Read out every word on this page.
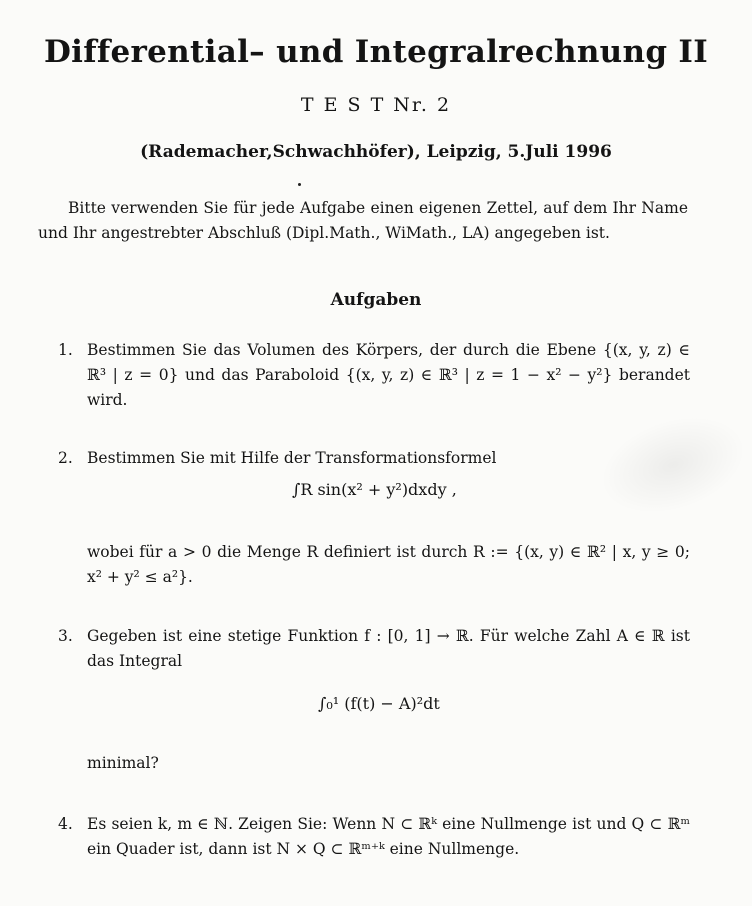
Differential– und Integralrechnung II

T E S T Nr. 2

(Rademacher,Schwachhöfer), Leipzig, 5.Juli 1996

Bitte verwenden Sie für jede Aufgabe einen eigenen Zettel, auf dem Ihr Name und Ihr angestrebter Abschluß (Dipl.Math., WiMath., LA) angegeben ist.

Aufgaben
1. Bestimmen Sie das Volumen des Körpers, der durch die Ebene {(x, y, z) ∈ ℝ³ | z = 0} und das Paraboloid {(x, y, z) ∈ ℝ³ | z = 1 − x² − y²} berandet wird.

2. Bestimmen Sie mit Hilfe der Transformationsformel

∫R sin(x² + y²)dxdy ,

wobei für a > 0 die Menge R definiert ist durch R := {(x, y) ∈ ℝ² | x, y ≥ 0; x² + y² ≤ a²}.

3. Gegeben ist eine stetige Funktion f : [0, 1] → ℝ. Für welche Zahl A ∈ ℝ ist das Integral

∫₀¹ (f(t) − A)²dt

minimal?

4. Es seien k, m ∈ ℕ. Zeigen Sie: Wenn N ⊂ ℝᵏ eine Nullmenge ist und Q ⊂ ℝᵐ ein Quader ist, dann ist N × Q ⊂ ℝᵐ⁺ᵏ eine Nullmenge.
